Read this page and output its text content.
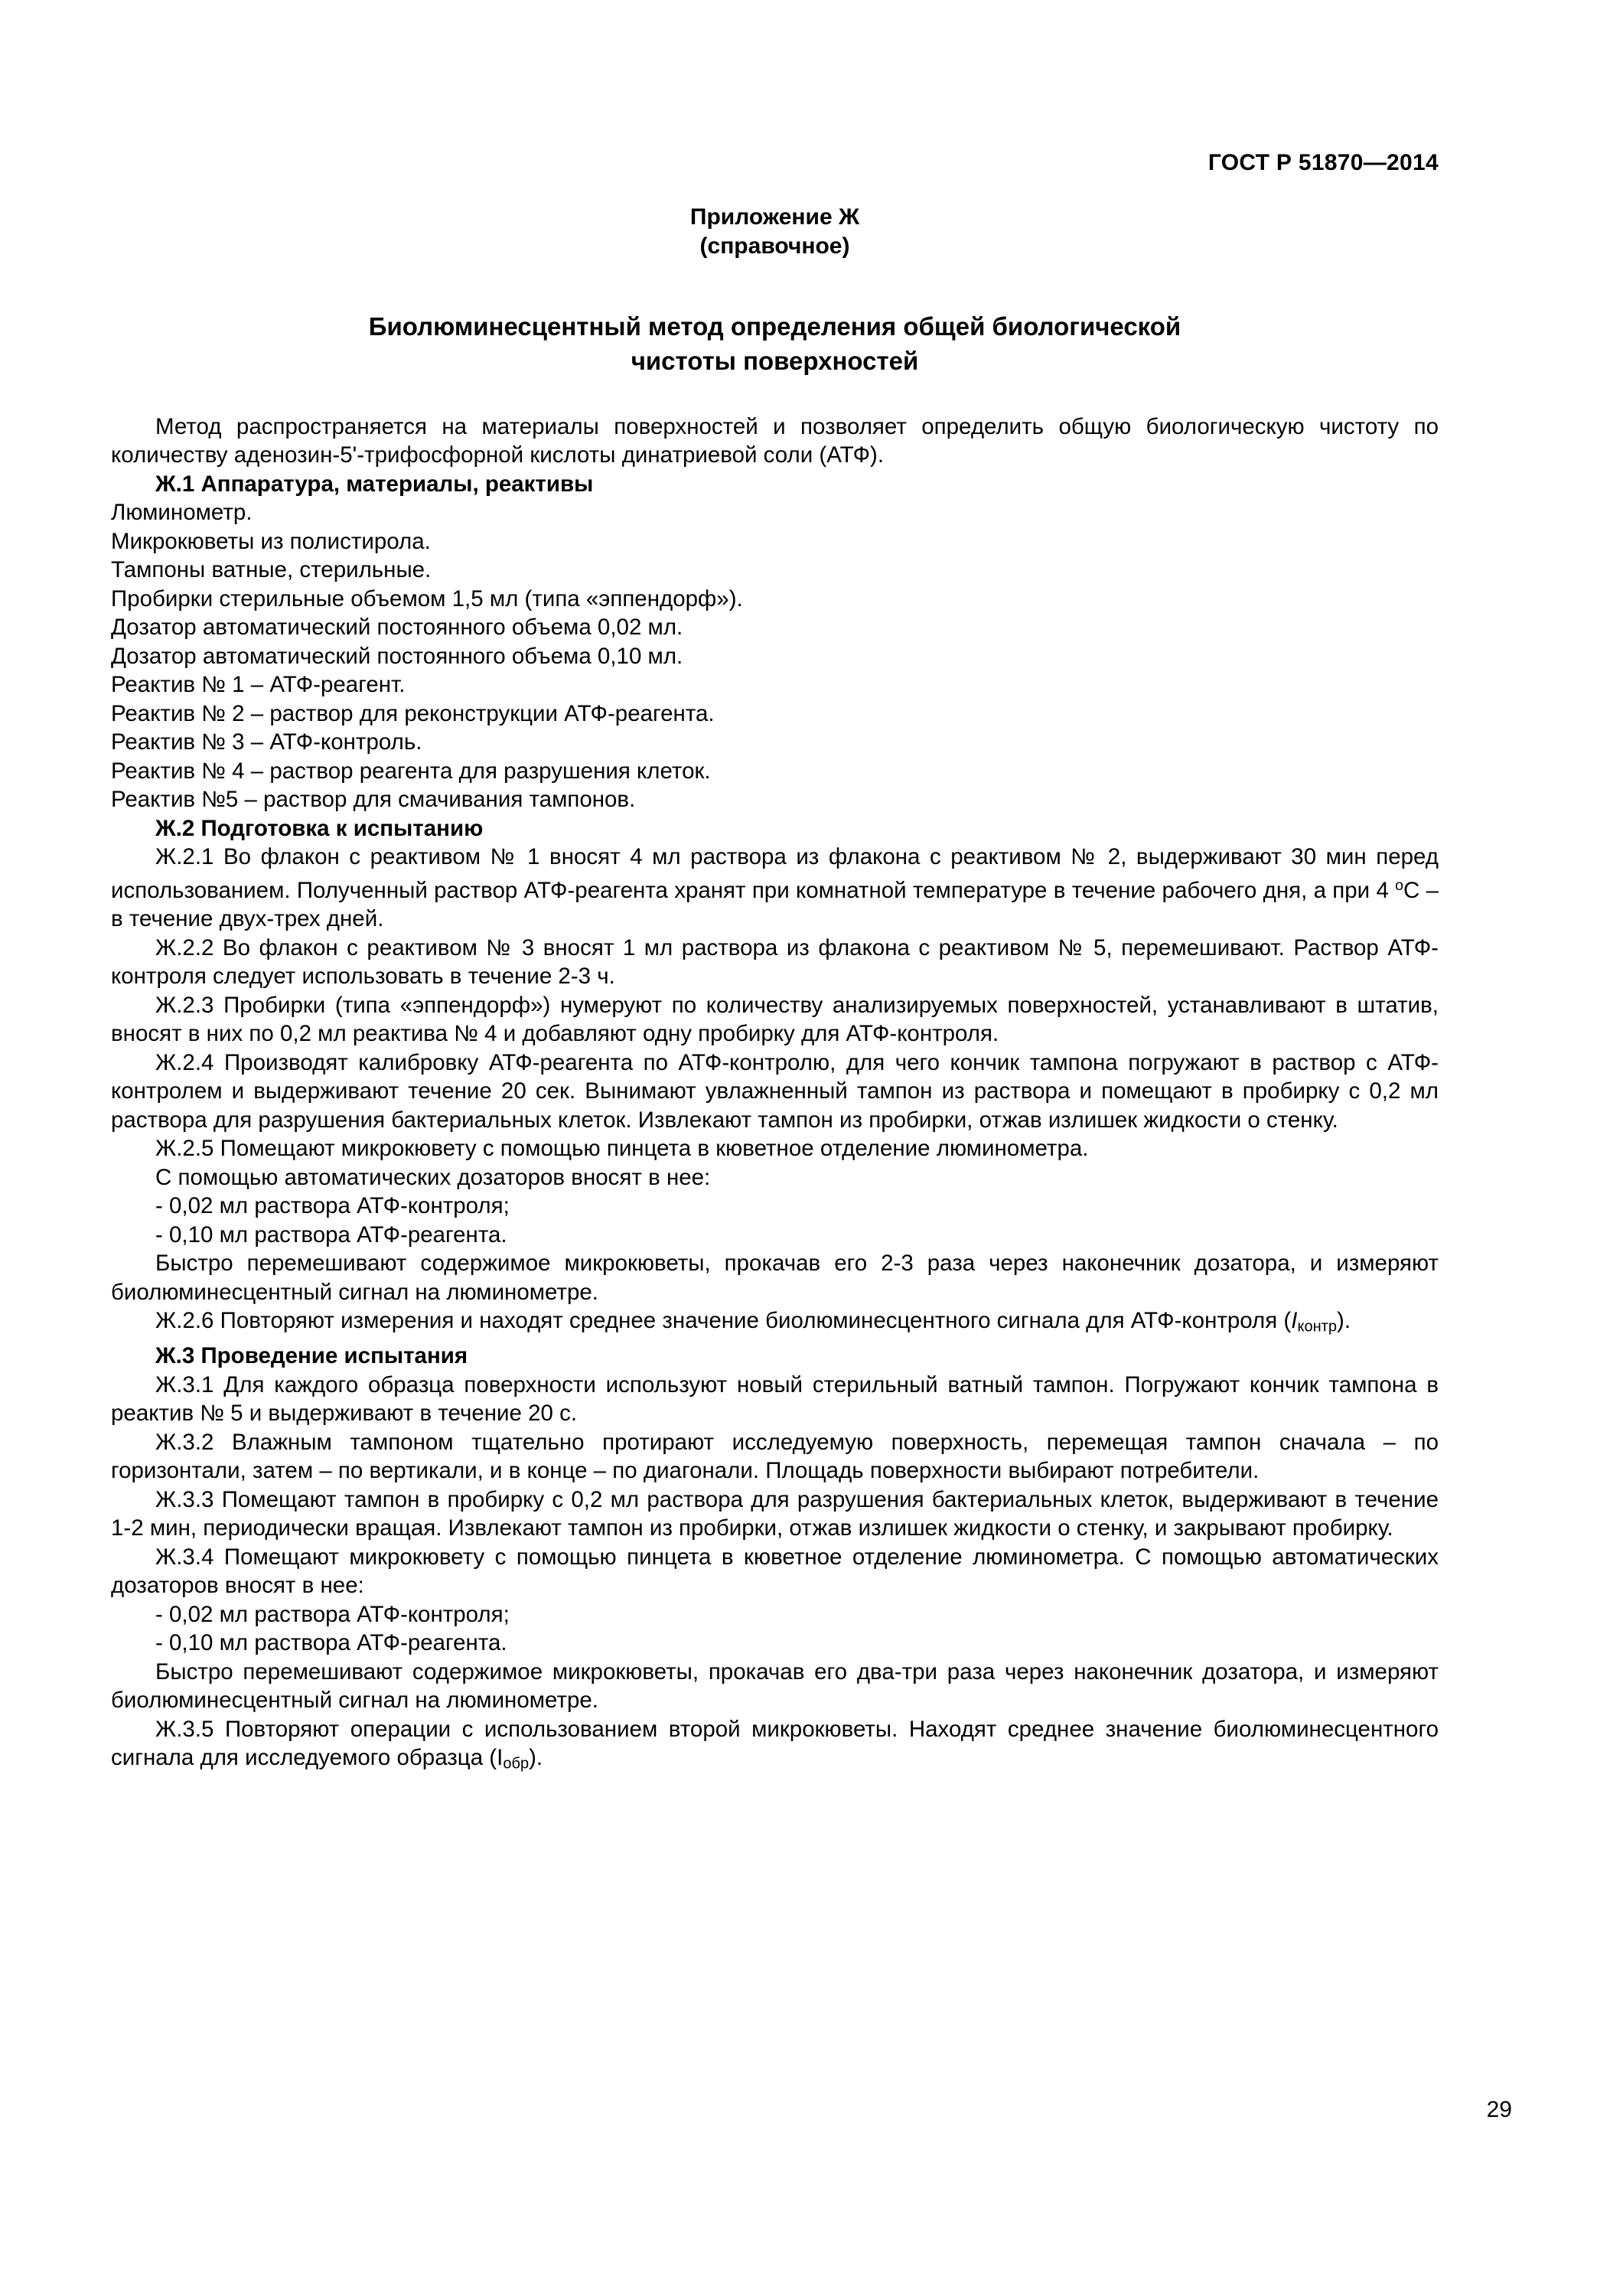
ГОСТ Р 51870—2014
Приложение Ж
(справочное)
Биолюминесцентный метод определения общей биологической
чистоты поверхностей

Метод распространяется на материалы поверхностей и позволяет определить общую биологическую чистоту по количеству аденозин-5'-трифосфорной кислоты динатриевой соли (АТФ).

Ж.1 Аппаратура, материалы, реактивы

Люминометр.

Микрокюветы из полистирола.

Тампоны ватные, стерильные.

Пробирки стерильные объемом 1,5 мл (типа «эппендорф»).

Дозатор автоматический постоянного объема 0,02 мл.

Дозатор автоматический постоянного объема 0,10 мл.

Реактив № 1 – АТФ-реагент.

Реактив № 2 – раствор для реконструкции АТФ-реагента.

Реактив № 3 – АТФ-контроль.

Реактив № 4 – раствор реагента для разрушения клеток.

Реактив №5 – раствор для смачивания тампонов.

Ж.2 Подготовка к испытанию

Ж.2.1 Во флакон с реактивом № 1 вносят 4 мл раствора из флакона с реактивом № 2, выдерживают 30 мин перед использованием. Полученный раствор АТФ-реагента хранят при комнатной температуре в течение рабочего дня, а при 4 $^о$С – в течение двух-трех дней.

Ж.2.2 Во флакон с реактивом № 3 вносят 1 мл раствора из флакона с реактивом № 5, перемешивают. Раствор АТФ-контроля следует использовать в течение 2-3 ч.

Ж.2.3 Пробирки (типа «эппендорф») нумеруют по количеству анализируемых поверхностей, устанавливают в штатив, вносят в них по 0,2 мл реактива № 4 и добавляют одну пробирку для АТФ-контроля.

Ж.2.4 Производят калибровку АТФ-реагента по АТФ-контролю, для чего кончик тампона погружают в раствор с АТФ-контролем и выдерживают течение 20 сек. Вынимают увлажненный тампон из раствора и помещают в пробирку с 0,2 мл раствора для разрушения бактериальных клеток. Извлекают тампон из пробирки, отжав излишек жидкости о стенку.

Ж.2.5 Помещают микрокювету с помощью пинцета в кюветное отделение люминометра.

С помощью автоматических дозаторов вносят в нее:

- 0,02 мл раствора АТФ-контроля;

- 0,10 мл раствора АТФ-реагента.

Быстро перемешивают содержимое микрокюветы, прокачав его 2-3 раза через наконечник дозатора, и измеряют биолюминесцентный сигнал на люминометре.

Ж.2.6 Повторяют измерения и находят среднее значение биолюминесцентного сигнала для АТФ-контроля $(I_{контр})$.

Ж.3 Проведение испытания

Ж.3.1 Для каждого образца поверхности используют новый стерильный ватный тампон. Погружают кончик тампона в реактив № 5 и выдерживают в течение 20 с.

Ж.3.2 Влажным тампоном тщательно протирают исследуемую поверхность, перемещая тампон сначала – по горизонтали, затем – по вертикали, и в конце – по диагонали. Площадь поверхности выбирают потребители.

Ж.3.3 Помещают тампон в пробирку с 0,2 мл раствора для разрушения бактериальных клеток, выдерживают в течение 1-2 мин, периодически вращая. Извлекают тампон из пробирки, отжав излишек жидкости о стенку, и закрывают пробирку.

Ж.3.4 Помещают микрокювету с помощью пинцета в кюветное отделение люминометра. С помощью автоматических дозаторов вносят в нее:

- 0,02 мл раствора АТФ-контроля;

- 0,10 мл раствора АТФ-реагента.

Быстро перемешивают содержимое микрокюветы, прокачав его два-три раза через наконечник дозатора, и измеряют биолюминесцентный сигнал на люминометре.

Ж.3.5 Повторяют операции с использованием второй микрокюветы. Находят среднее значение биолюминесцентного сигнала для исследуемого образца $(I_{обр})$.

29
